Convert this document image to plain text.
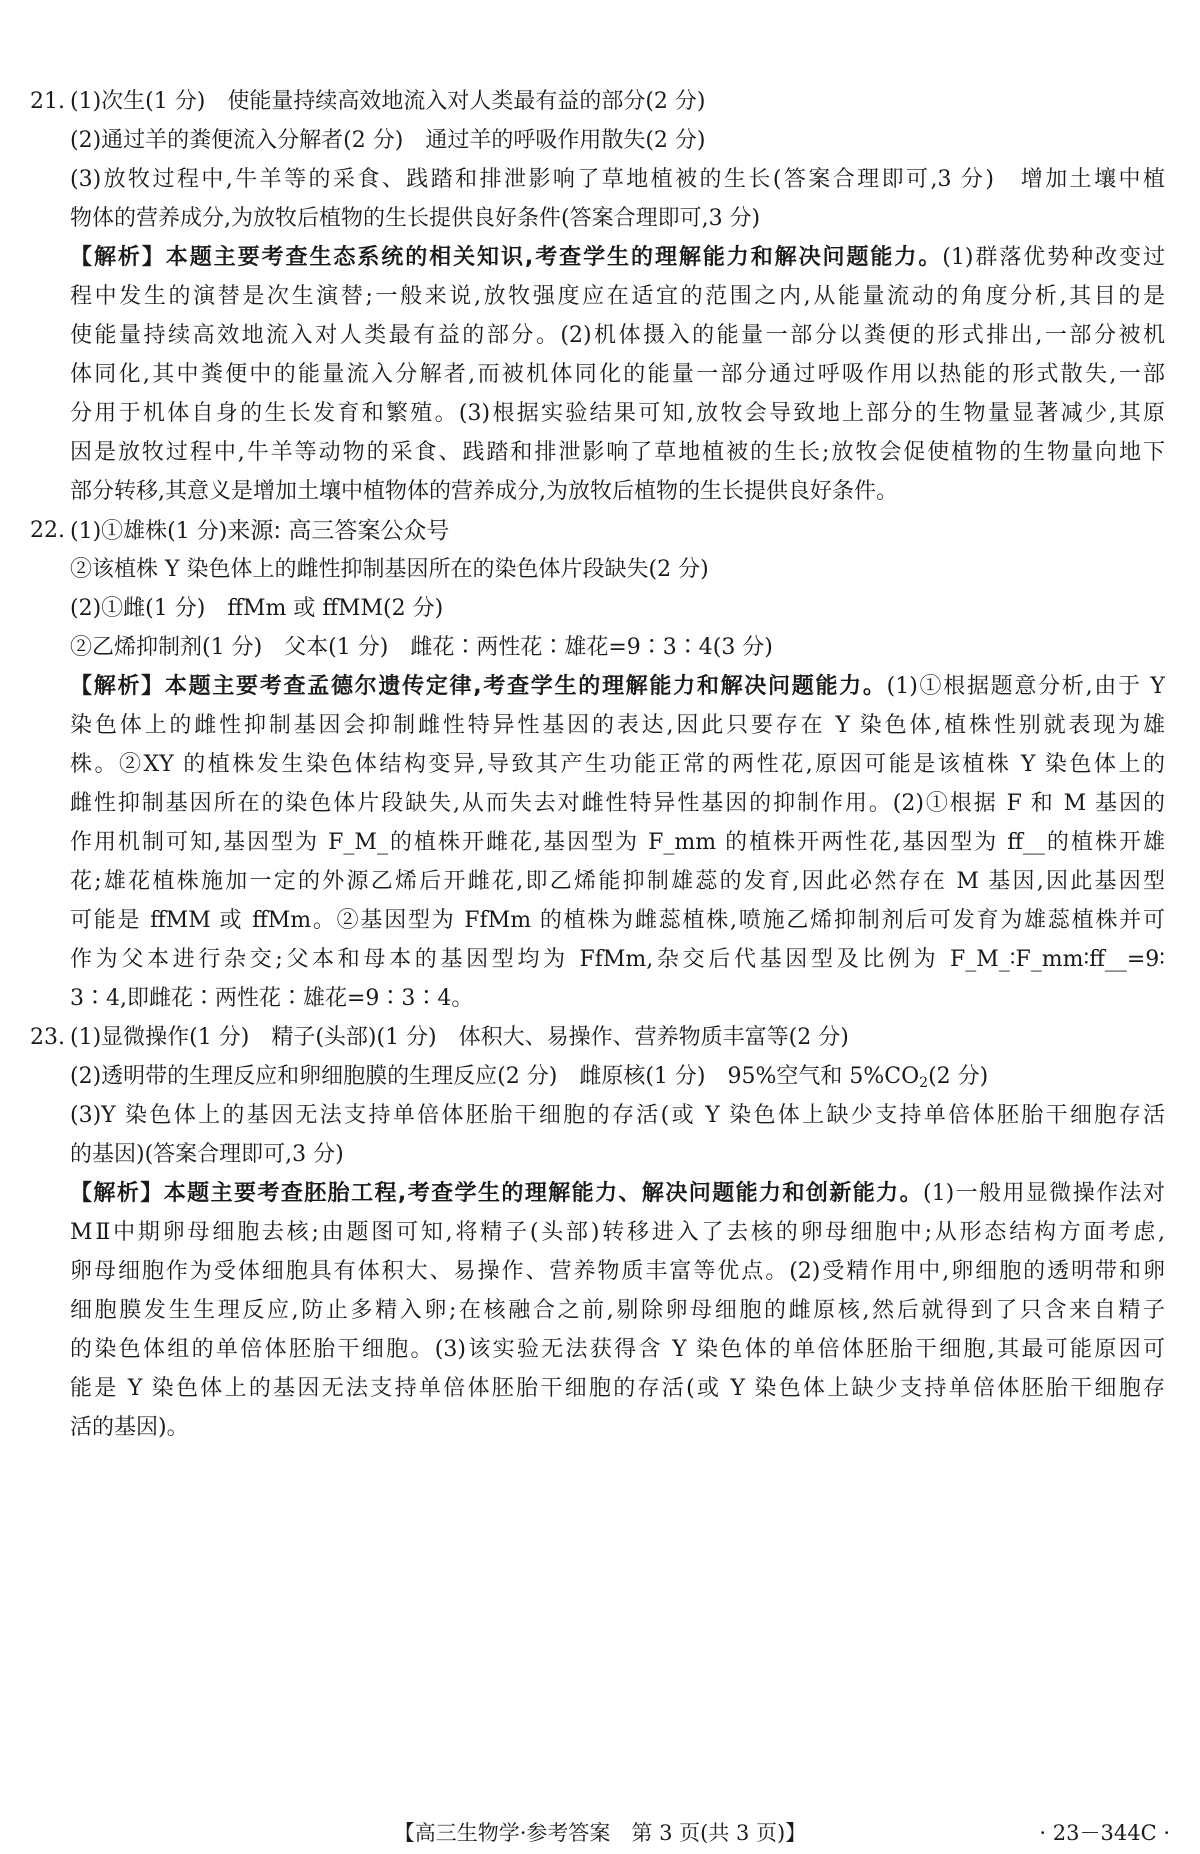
21. (1)次生(1 分)　使能量持续高效地流入对人类最有益的部分(2 分)
(2)通过羊的粪便流入分解者(2 分)　通过羊的呼吸作用散失(2 分)
(3)放牧过程中,牛羊等的采食、践踏和排泄影响了草地植被的生长(答案合理即可,3 分)　增加土壤中植
物体的营养成分,为放牧后植物的生长提供良好条件(答案合理即可,3 分)
【解析】本题主要考查生态系统的相关知识,考查学生的理解能力和解决问题能力。(1)群落优势种改变过
程中发生的演替是次生演替;一般来说,放牧强度应在适宜的范围之内,从能量流动的角度分析,其目的是
使能量持续高效地流入对人类最有益的部分。(2)机体摄入的能量一部分以粪便的形式排出,一部分被机
体同化,其中粪便中的能量流入分解者,而被机体同化的能量一部分通过呼吸作用以热能的形式散失,一部
分用于机体自身的生长发育和繁殖。(3)根据实验结果可知,放牧会导致地上部分的生物量显著减少,其原
因是放牧过程中,牛羊等动物的采食、践踏和排泄影响了草地植被的生长;放牧会促使植物的生物量向地下
部分转移,其意义是增加土壤中植物体的营养成分,为放牧后植物的生长提供良好条件。
22. (1)①雄株(1 分)来源: 高三答案公众号
②该植株 Y 染色体上的雌性抑制基因所在的染色体片段缺失(2 分)
(2)①雌(1 分)　ffMm 或 ffMM(2 分)
②乙烯抑制剂(1 分)　父本(1 分)　雌花∶两性花∶雄花=9∶3∶4(3 分)
【解析】本题主要考查孟德尔遗传定律,考查学生的理解能力和解决问题能力。(1)①根据题意分析,由于 Y
染色体上的雌性抑制基因会抑制雌性特异性基因的表达,因此只要存在 Y 染色体,植株性别就表现为雄
株。②XY 的植株发生染色体结构变异,导致其产生功能正常的两性花,原因可能是该植株 Y 染色体上的
雌性抑制基因所在的染色体片段缺失,从而失去对雌性特异性基因的抑制作用。(2)①根据 F 和 M 基因的
作用机制可知,基因型为 F_M_的植株开雌花,基因型为 F_mm 的植株开两性花,基因型为 ff__的植株开雄
花;雄花植株施加一定的外源乙烯后开雌花,即乙烯能抑制雄蕊的发育,因此必然存在 M 基因,因此基因型
可能是 ffMM 或 ffMm。②基因型为 FfMm 的植株为雌蕊植株,喷施乙烯抑制剂后可发育为雄蕊植株并可
作为父本进行杂交;父本和母本的基因型均为 FfMm,杂交后代基因型及比例为 F_M_∶F_mm∶ff__=9∶
3∶4,即雌花∶两性花∶雄花=9∶3∶4。
23. (1)显微操作(1 分)　精子(头部)(1 分)　体积大、易操作、营养物质丰富等(2 分)
(2)透明带的生理反应和卵细胞膜的生理反应(2 分)　雌原核(1 分)　95%空气和 $5\%CO_2(2$ 分)
(3)Y 染色体上的基因无法支持单倍体胚胎干细胞的存活(或 Y 染色体上缺少支持单倍体胚胎干细胞存活
的基因)(答案合理即可,3 分)
【解析】本题主要考查胚胎工程,考查学生的理解能力、解决问题能力和创新能力。(1)一般用显微操作法对
MⅡ中期卵母细胞去核;由题图可知,将精子(头部)转移进入了去核的卵母细胞中;从形态结构方面考虑,
卵母细胞作为受体细胞具有体积大、易操作、营养物质丰富等优点。(2)受精作用中,卵细胞的透明带和卵
细胞膜发生生理反应,防止多精入卵;在核融合之前,剔除卵母细胞的雌原核,然后就得到了只含来自精子
的染色体组的单倍体胚胎干细胞。(3)该实验无法获得含 Y 染色体的单倍体胚胎干细胞,其最可能原因可
能是 Y 染色体上的基因无法支持单倍体胚胎干细胞的存活(或 Y 染色体上缺少支持单倍体胚胎干细胞存
活的基因)。
【高三生物学·参考答案　第 3 页(共 3 页)】	· 23－344C ·
